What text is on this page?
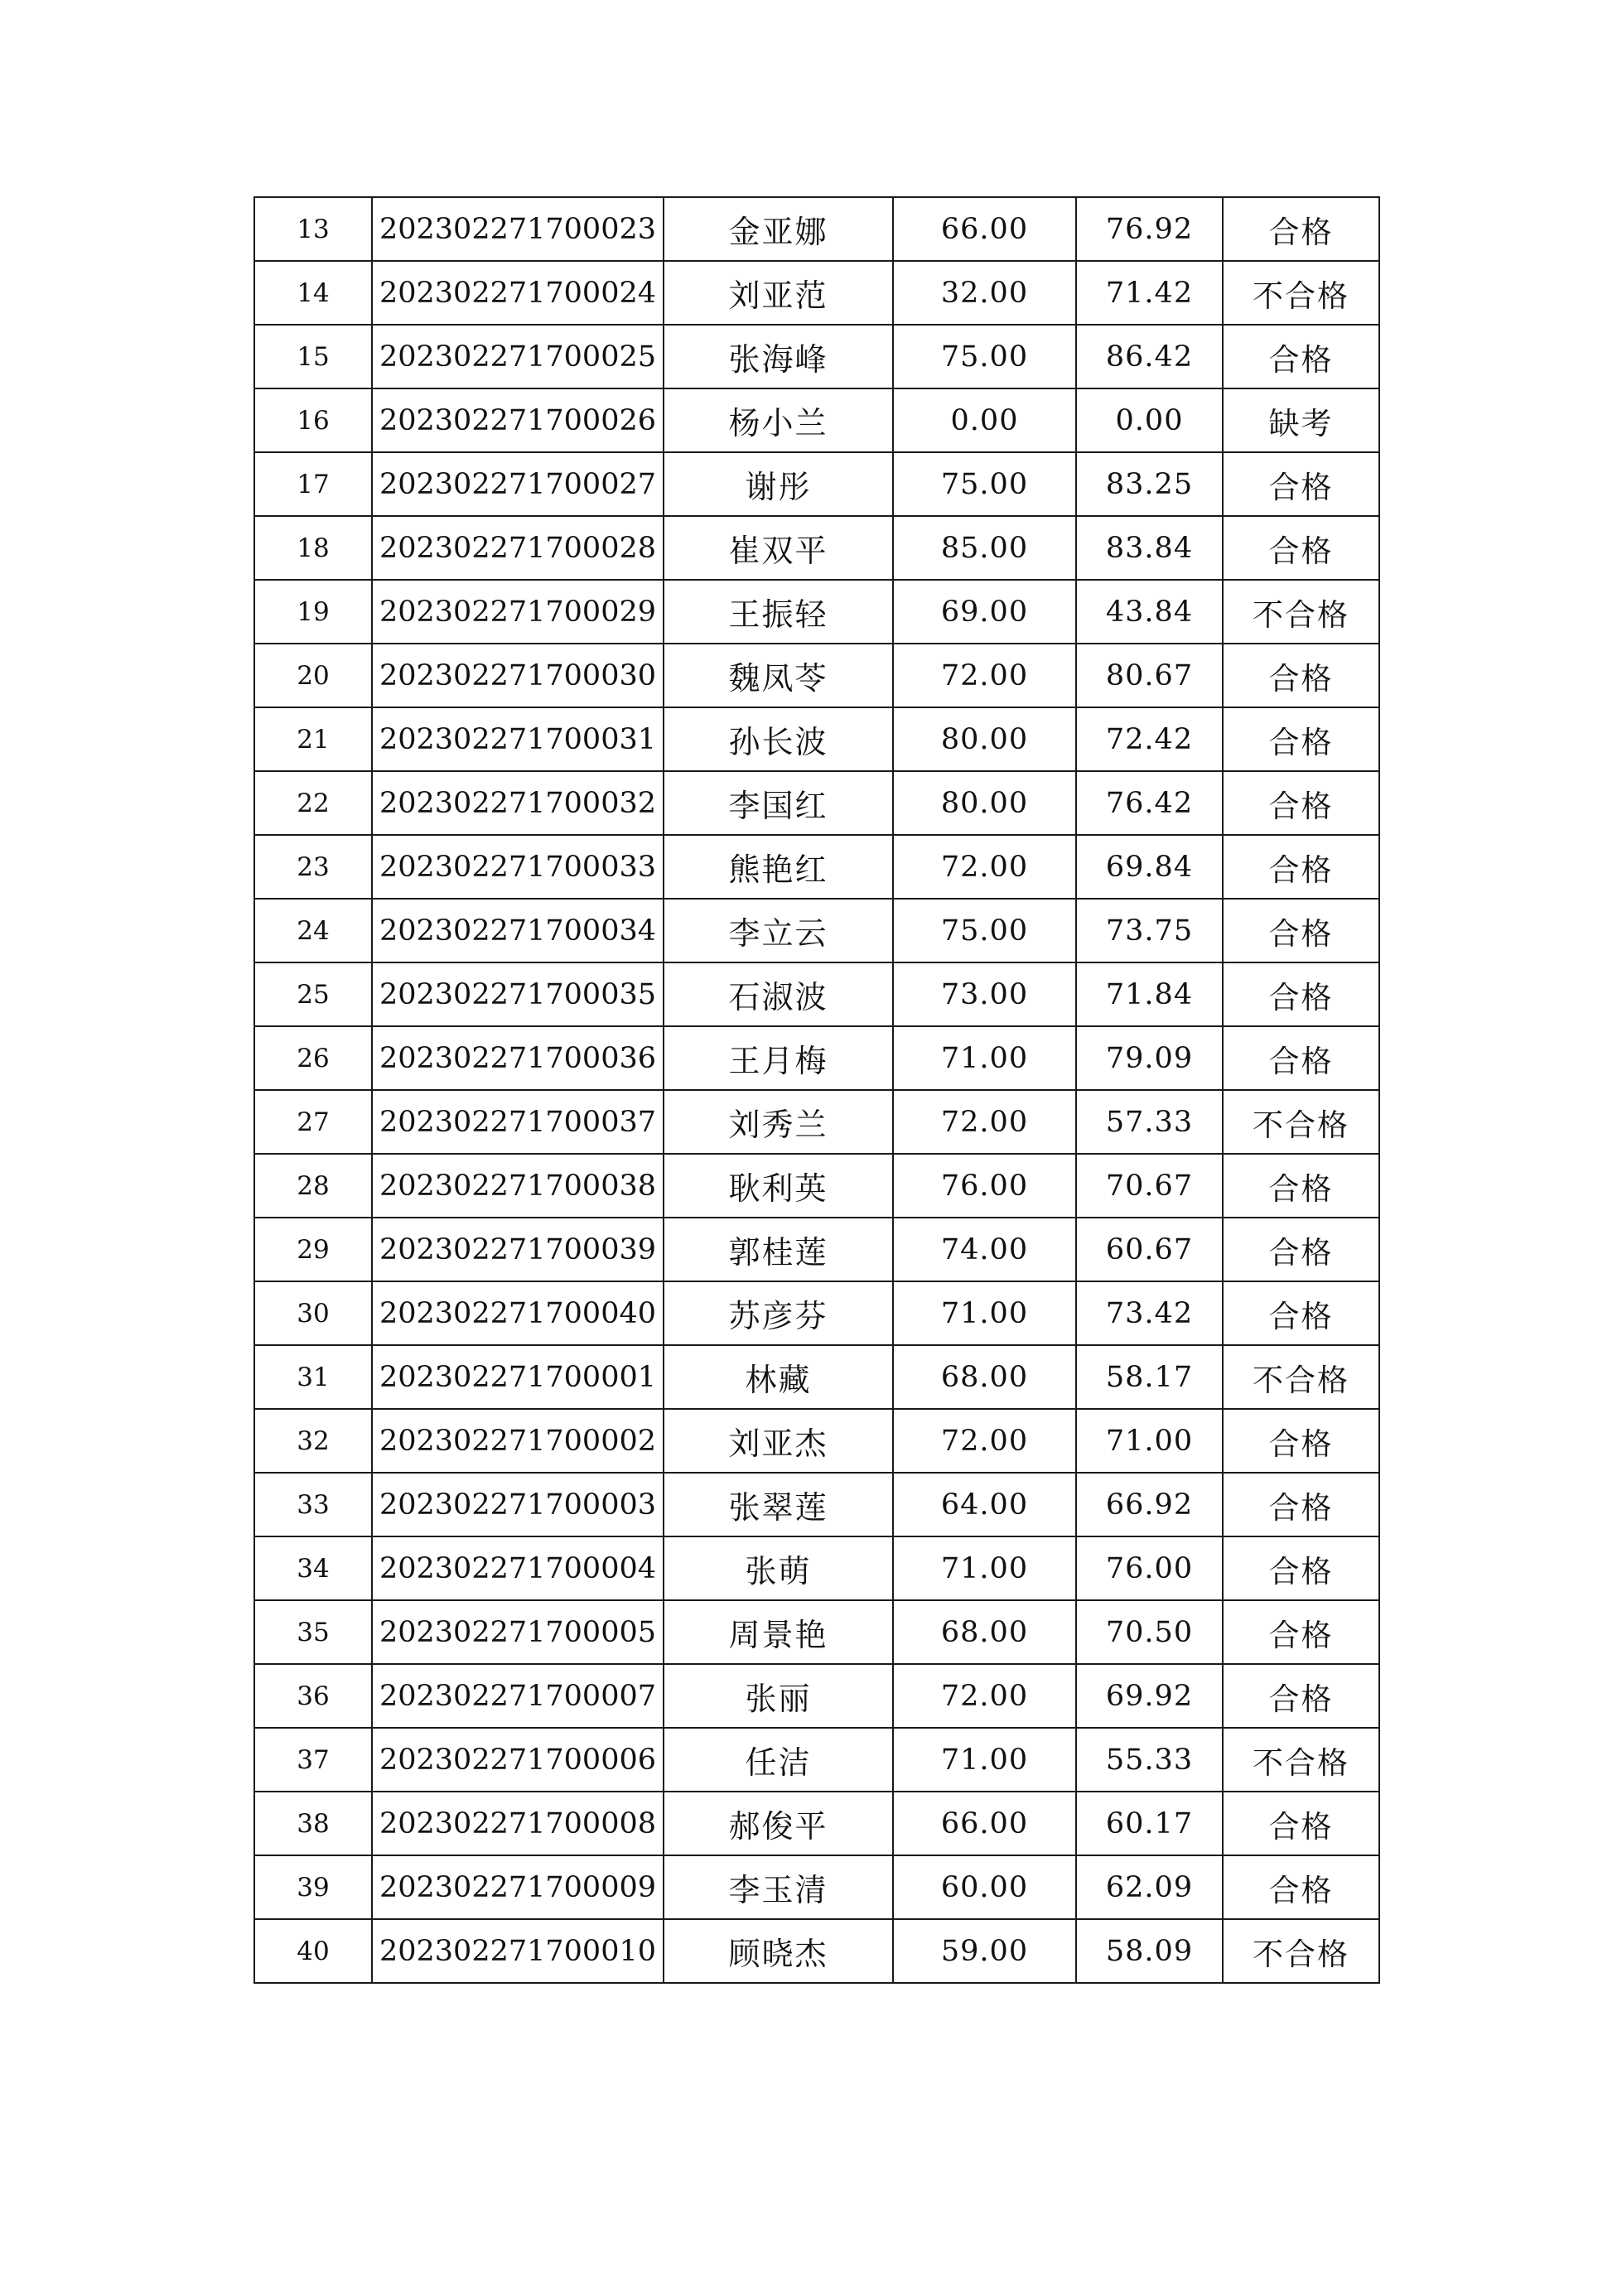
13	202302271700023	金亚娜	66.00	76.92	合格
14	202302271700024	刘亚范	32.00	71.42	不合格
15	202302271700025	张海峰	75.00	86.42	合格
16	202302271700026	杨小兰	0.00	0.00	缺考
17	202302271700027	谢彤	75.00	83.25	合格
18	202302271700028	崔双平	85.00	83.84	合格
19	202302271700029	王振轻	69.00	43.84	不合格
20	202302271700030	魏凤苓	72.00	80.67	合格
21	202302271700031	孙长波	80.00	72.42	合格
22	202302271700032	李国红	80.00	76.42	合格
23	202302271700033	熊艳红	72.00	69.84	合格
24	202302271700034	李立云	75.00	73.75	合格
25	202302271700035	石淑波	73.00	71.84	合格
26	202302271700036	王月梅	71.00	79.09	合格
27	202302271700037	刘秀兰	72.00	57.33	不合格
28	202302271700038	耿利英	76.00	70.67	合格
29	202302271700039	郭桂莲	74.00	60.67	合格
30	202302271700040	苏彦芬	71.00	73.42	合格
31	202302271700001	林藏	68.00	58.17	不合格
32	202302271700002	刘亚杰	72.00	71.00	合格
33	202302271700003	张翠莲	64.00	66.92	合格
34	202302271700004	张萌	71.00	76.00	合格
35	202302271700005	周景艳	68.00	70.50	合格
36	202302271700007	张丽	72.00	69.92	合格
37	202302271700006	任洁	71.00	55.33	不合格
38	202302271700008	郝俊平	66.00	60.17	合格
39	202302271700009	李玉清	60.00	62.09	合格
40	202302271700010	顾晓杰	59.00	58.09	不合格
